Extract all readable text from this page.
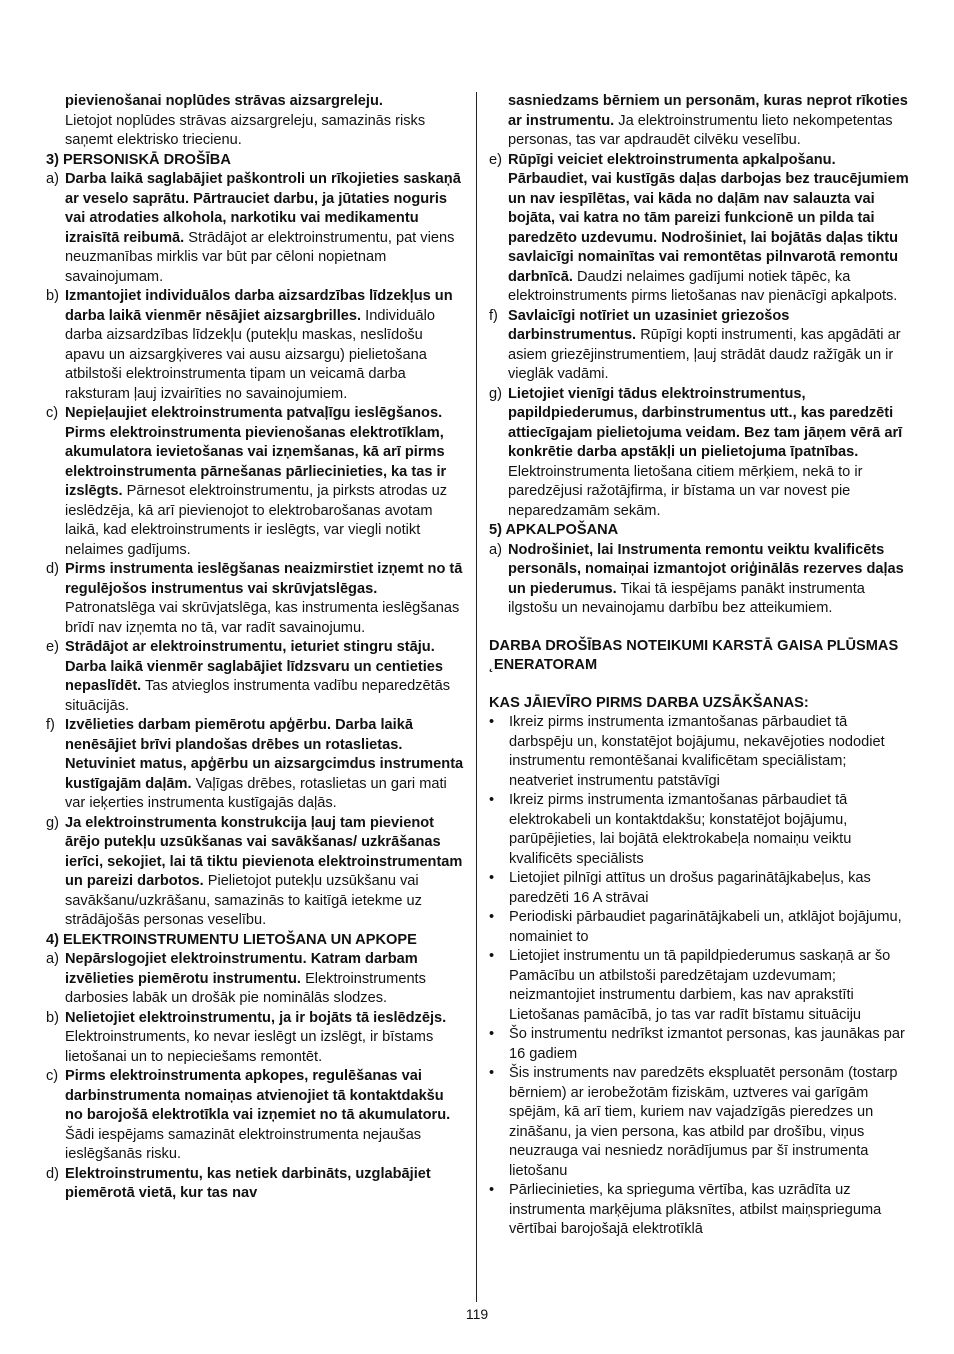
pievienošanai noplūdes strāvas aizsargreleju.
Lietojot noplūdes strāvas aizsargreleju, samazinās risks saņemt elektrisko triecienu.
3) PERSONISKĀ DROŠĪBA
a) Darba laikā saglabājiet paškontroli un rīkojieties saskaņā ar veselo saprātu. Pārtrauciet darbu, ja jūtaties noguris vai atrodaties alkohola, narkotiku vai medikamentu izraisītā reibumā. Strādājot ar elektroinstrumentu, pat viens neuzmanības mirklis var būt par cēloni nopietnam savainojumam.
b) Izmantojiet individuālos darba aizsardzības līdzekļus un darba laikā vienmēr nēsājiet aizsargbrilles. Individuālo darba aizsardzības līdzekļu (putekļu maskas, neslīdošu apavu un aizsargķiveres vai ausu aizsargu) pielietošana atbilstoši elektroinstrumenta tipam un veicamā darba raksturam ļauj izvairīties no savainojumiem.
c) Nepieļaujiet elektroinstrumenta patvaļīgu ieslēgšanos. Pirms elektroinstrumenta pievienošanas elektrotīklam, akumulatora ievietošanas vai izņemšanas, kā arī pirms elektroinstrumenta pārnešanas pārliecinieties, ka tas ir izslēgts. Pārnesot elektroinstrumentu, ja pirksts atrodas uz ieslēdzēja, kā arī pievienojot to elektrobarošanas avotam laikā, kad elektroinstruments ir ieslēgts, var viegli notikt nelaimes gadījums.
d) Pirms instrumenta ieslēgšanas neaizmirstiet izņemt no tā regulējošos instrumentus vai skrūvjatslēgas. Patronatslēga vai skrūvjatslēga, kas instrumenta ieslēgšanas brīdī nav izņemta no tā, var radīt savainojumu.
e) Strādājot ar elektroinstrumentu, ieturiet stingru stāju. Darba laikā vienmēr saglabājiet līdzsvaru un centieties nepaslīdēt. Tas atvieglos instrumenta vadību neparedzētās situācijās.
f) Izvēlieties darbam piemērotu apģērbu. Darba laikā nenēsājiet brīvi plandošas drēbes un rotaslietas. Netuviniet matus, apģērbu un aizsargcimdus instrumenta kustīgajām daļām. Vaļīgas drēbes, rotaslietas un gari mati var ieķerties instrumenta kustīgajās daļās.
g) Ja elektroinstrumenta konstrukcija ļauj tam pievienot ārējo putekļu uzsūkšanas vai savākšanas/ uzkrāšanas ierīci, sekojiet, lai tā tiktu pievienota elektroinstrumentam un pareizi darbotos. Pielietojot putekļu uzsūkšanu vai savākšanu/uzkrāšanu, samazinās to kaitīgā ietekme uz strādājošās personas veselību.
4) ELEKTROINSTRUMENTU LIETOŠANA UN APKOPE
a) Nepārslogojiet elektroinstrumentu. Katram darbam izvēlieties piemērotu instrumentu. Elektroinstruments darbosies labāk un drošāk pie nominālās slodzes.
b) Nelietojiet elektroinstrumentu, ja ir bojāts tā ieslēdzējs. Elektroinstruments, ko nevar ieslēgt un izslēgt, ir bīstams lietošanai un to nepieciešams remontēt.
c) Pirms elektroinstrumenta apkopes, regulēšanas vai darbinstrumenta nomaiņas atvienojiet tā kontaktdakšu no barojošā elektrotīkla vai izņemiet no tā akumulatoru. Šādi iespējams samazināt elektroinstrumenta nejaušas ieslēgšanās risku.
d) Elektroinstrumentu, kas netiek darbināts, uzglabājiet piemērotā vietā, kur tas nav
sasniedzams bērniem un personām, kuras neprot rīkoties ar instrumentu. Ja elektroinstrumentu lieto nekompetentas personas, tas var apdraudēt cilvēku veselību.
e) Rūpīgi veiciet elektroinstrumenta apkalpošanu. Pārbaudiet, vai kustīgās daļas darbojas bez traucējumiem un nav iespīlētas, vai kāda no daļām nav salauzta vai bojāta, vai katra no tām pareizi funkcionē un pilda tai paredzēto uzdevumu. Nodrošiniet, lai bojātās daļas tiktu savlaicīgi nomainītas vai remontētas pilnvarotā remontu darbnīcā. Daudzi nelaimes gadījumi notiek tāpēc, ka elektroinstruments pirms lietošanas nav pienācīgi apkalpots.
f) Savlaicīgi notīriet un uzasiniet griezošos darbinstrumentus. Rūpīgi kopti instrumenti, kas apgādāti ar asiem griezējinstrumentiem, ļauj strādāt daudz ražīgāk un ir vieglāk vadāmi.
g) Lietojiet vienīgi tādus elektroinstrumentus, papildpiederumus, darbinstrumentus utt., kas paredzēti attiecīgajam pielietojuma veidam. Bez tam jāņem vērā arī konkrētie darba apstākļi un pielietojuma īpatnības. Elektroinstrumenta lietošana citiem mērķiem, nekā to ir paredzējusi ražotājfirma, ir bīstama un var novest pie neparedzamām sekām.
5) APKALPOŠANA
a) Nodrošiniet, lai Instrumenta remontu veiktu kvalificēts personāls, nomaiņai izmantojot oriģinālās rezerves daļas un piederumus. Tikai tā iespējams panākt instrumenta ilgstošu un nevainojamu darbību bez atteikumiem.
DARBA DROŠĪBAS NOTEIKUMI KARSTĀ GAISA PLŪSMAS ˛ENERATORAM
KAS JĀIEVĪRO PIRMS DARBA UZSĀKŠANAS:
•	Ikreiz pirms instrumenta izmantošanas pārbaudiet tā darbspēju un, konstatējot bojājumu, nekavējoties nododiet instrumentu remontēšanai kvalificētam speciālistam; neatveriet instrumentu patstāvīgi
•	Ikreiz pirms instrumenta izmantošanas pārbaudiet tā elektrokabeli un kontaktdakšu; konstatējot bojājumu, parūpējieties, lai bojātā elektrokabeļa nomaiņu veiktu kvalificēts speciālists
•	Lietojiet pilnīgi attītus un drošus pagarinātājkabeļus, kas paredzēti 16 A strāvai
•	Periodiski pārbaudiet pagarinātājkabeli un, atklājot bojājumu, nomainiet to
•	Lietojiet instrumentu un tā papildpiederumus saskaņā ar šo Pamācību un atbilstoši paredzētajam uzdevumam; neizmantojiet instrumentu darbiem, kas nav aprakstīti Lietošanas pamācībā, jo tas var radīt bīstamu situāciju
•	Šo instrumentu nedrīkst izmantot personas, kas jaunākas par 16 gadiem
•	Šis instruments nav paredzēts ekspluatēt personām (tostarp bērniem) ar ierobežotām fiziskām, uztveres vai garīgām spējām, kā arī tiem, kuriem nav vajadzīgās pieredzes un zināšanu, ja vien persona, kas atbild par drošību, viņus neuzrauga vai nesniedz norādījumus par šī instrumenta lietošanu
•	Pārliecinieties, ka sprieguma vērtība, kas uzrādīta uz instrumenta marķējuma plāksnītes, atbilst maiņsprieguma vērtībai barojošajā elektrotīklā
119
